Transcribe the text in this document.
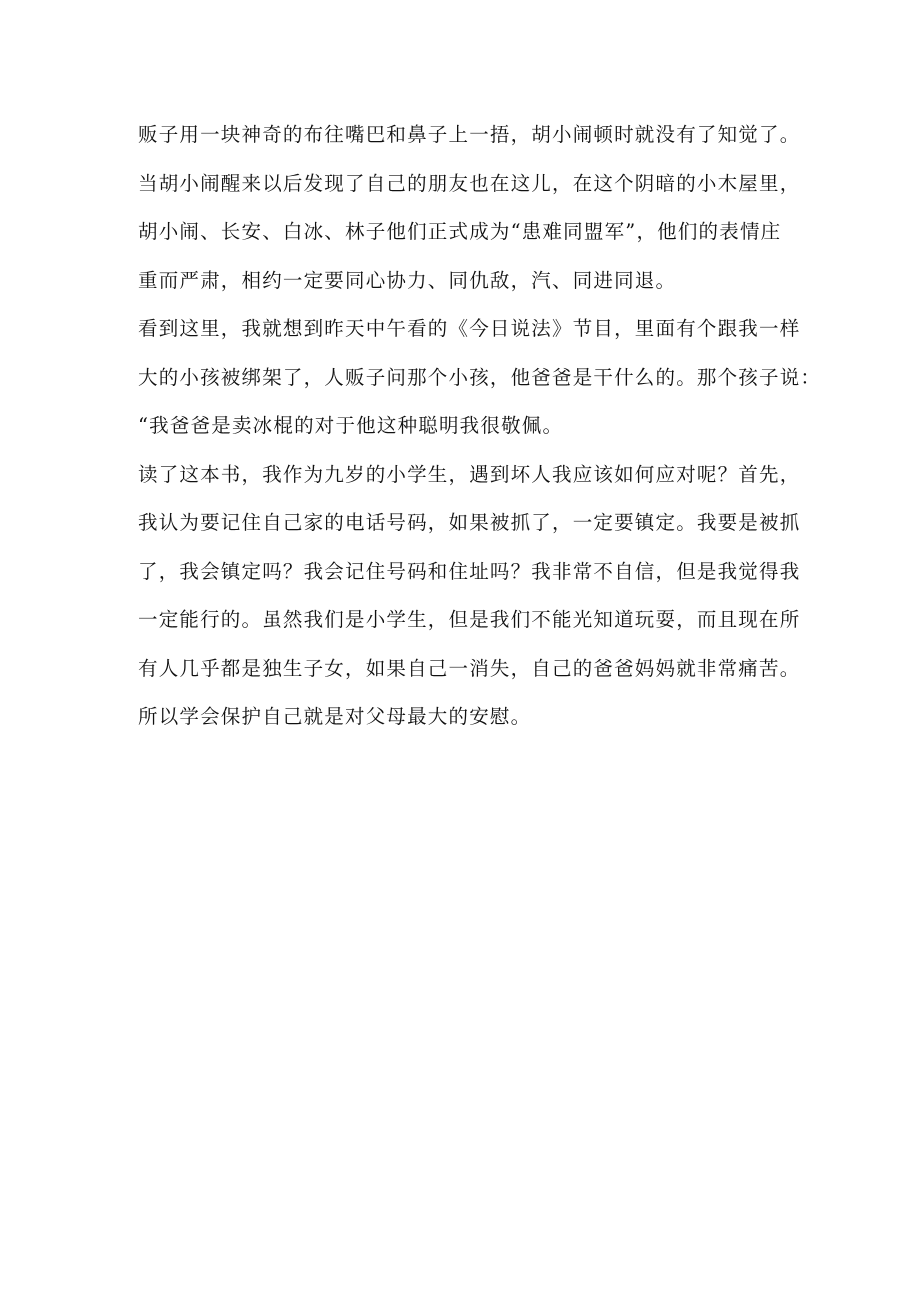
贩子用一块神奇的布往嘴巴和鼻子上一捂，胡小闹顿时就没有了知觉了。
当胡小闹醒来以后发现了自己的朋友也在这儿，在这个阴暗的小木屋里，
胡小闹、长安、白冰、林子他们正式成为“患难同盟军”，他们的表情庄
重而严肃，相约一定要同心协力、同仇敌，汽、同进同退。
看到这里，我就想到昨天中午看的《今日说法》节目，里面有个跟我一样
大的小孩被绑架了，人贩子问那个小孩，他爸爸是干什么的。那个孩子说：
“我爸爸是卖冰棍的对于他这种聪明我很敬佩。
读了这本书，我作为九岁的小学生，遇到坏人我应该如何应对呢？首先，
我认为要记住自己家的电话号码，如果被抓了，一定要镇定。我要是被抓
了，我会镇定吗？我会记住号码和住址吗？我非常不自信，但是我觉得我
一定能行的。虽然我们是小学生，但是我们不能光知道玩耍，而且现在所
有人几乎都是独生子女，如果自己一消失，自己的爸爸妈妈就非常痛苦。
所以学会保护自己就是对父母最大的安慰。
